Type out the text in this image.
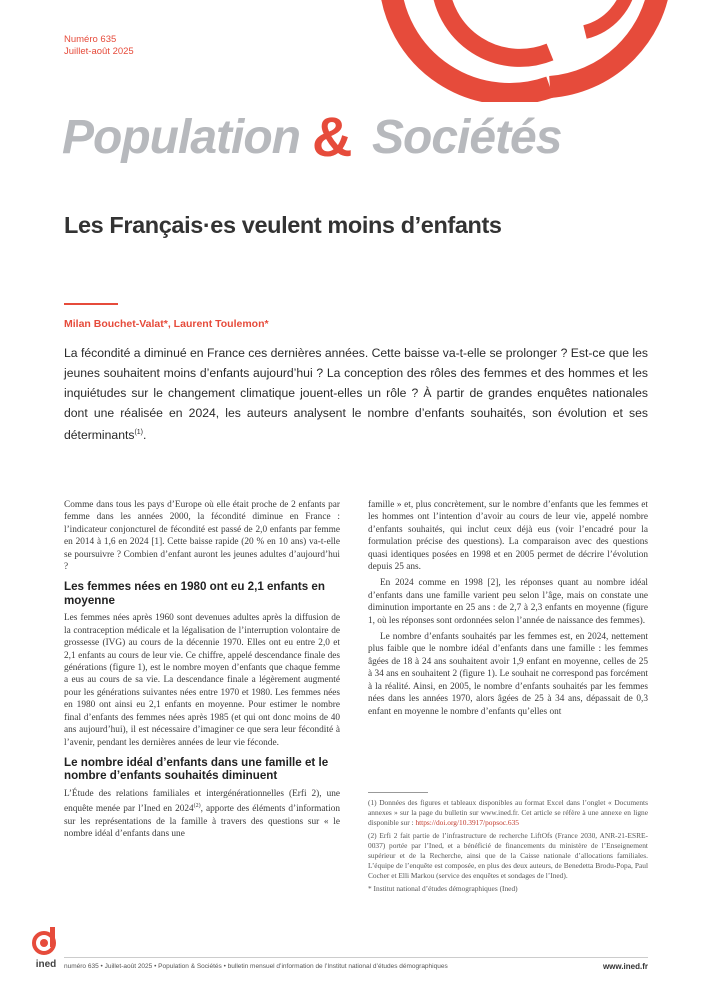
Numéro 635
Juillet-août 2025
Population & Sociétés
Les Français·es veulent moins d’enfants
Milan Bouchet-Valat*, Laurent Toulemon*

La fécondité a diminué en France ces dernières années. Cette baisse va-t-elle se prolonger ? Est-ce que les jeunes souhaitent moins d’enfants aujourd’hui ? La conception des rôles des femmes et des hommes et les inquiétudes sur le changement climatique jouent-elles un rôle ? À partir de grandes enquêtes nationales dont une réalisée en 2024, les auteurs analysent le nombre d’enfants souhaités, son évolution et ses déterminants$^{(1)}$.

Comme dans tous les pays d’Europe où elle était proche de 2 enfants par femme dans les années 2000, la fécondité diminue en France : l’indicateur conjoncturel de fécondité est passé de 2,0 enfants par femme en 2014 à 1,6 en 2024 [1]. Cette baisse rapide (20 % en 10 ans) va-t-elle se poursuivre ? Combien d’enfant auront les jeunes adultes d’aujourd’hui ?

Les femmes nées en 1980 ont eu 2,1 enfants en moyenne

Les femmes nées après 1960 sont devenues adultes après la diffusion de la contraception médicale et la légalisation de l’interruption volontaire de grossesse (IVG) au cours de la décennie 1970. Elles ont eu entre 2,0 et 2,1 enfants au cours de leur vie. Ce chiffre, appelé descendance finale des générations (figure 1), est le nombre moyen d’enfants que chaque femme a eus au cours de sa vie. La descendance finale a légèrement augmenté pour les générations suivantes nées entre 1970 et 1980. Les femmes nées en 1980 ont ainsi eu 2,1 enfants en moyenne. Pour estimer le nombre final d’enfants des femmes nées après 1985 (et qui ont donc moins de 40 ans aujourd’hui), il est nécessaire d’imaginer ce que sera leur fécondité à l’avenir, pendant les dernières années de leur vie féconde.

Le nombre idéal d’enfants dans une famille et le nombre d’enfants souhaités diminuent

L’Étude des relations familiales et intergénérationnelles (Erfi 2), une enquête menée par l’Ined en 2024$^{(2)}$, apporte des éléments d’information sur les représentations de la famille à travers des questions sur « le nombre idéal d’enfants dans une

famille » et, plus concrètement, sur le nombre d’enfants que les femmes et les hommes ont l’intention d’avoir au cours de leur vie, appelé nombre d’enfants souhaités, qui inclut ceux déjà eus (voir l’encadré pour la formulation précise des questions). La comparaison avec des questions quasi identiques posées en 1998 et en 2005 permet de décrire l’évolution depuis 25 ans.

En 2024 comme en 1998 [2], les réponses quant au nombre idéal d’enfants dans une famille varient peu selon l’âge, mais on constate une diminution importante en 25 ans : de 2,7 à 2,3 enfants en moyenne (figure 1, où les réponses sont ordonnées selon l’année de naissance des femmes).

Le nombre d’enfants souhaités par les femmes est, en 2024, nettement plus faible que le nombre idéal d’enfants dans une famille : les femmes âgées de 18 à 24 ans souhaitent avoir 1,9 enfant en moyenne, celles de 25 à 34 ans en souhaitent 2 (figure 1). Le souhait ne correspond pas forcément à la réalité. Ainsi, en 2005, le nombre d’enfants souhaités par les femmes nées dans les années 1970, alors âgées de 25 à 34 ans, dépassait de 0,3 enfant en moyenne le nombre d’enfants qu’elles ont

(1) Données des figures et tableaux disponibles au format Excel dans l’onglet « Documents annexes » sur la page du bulletin sur www.ined.fr. Cet article se réfère à une annexe en ligne disponible sur : https://doi.org/10.3917/popsoc.635

(2) Erfi 2 fait partie de l’infrastructure de recherche LiftOfs (France 2030, ANR-21-ESRE-0037) portée par l’Ined, et a bénéficié de financements du ministère de l’Enseignement supérieur et de la Recherche, ainsi que de la Caisse nationale d’allocations familiales. L’équipe de l’enquête est composée, en plus des deux auteurs, de Benedetta Brodu-Popa, Paul Cocher et Elli Markou (service des enquêtes et sondages de l’Ined).

* Institut national d’études démographiques (Ined)

ined	numéro 635 • Juillet-août 2025 • Population & Sociétés • bulletin mensuel d’information de l’Institut national d’études démographiques	www.ined.fr
